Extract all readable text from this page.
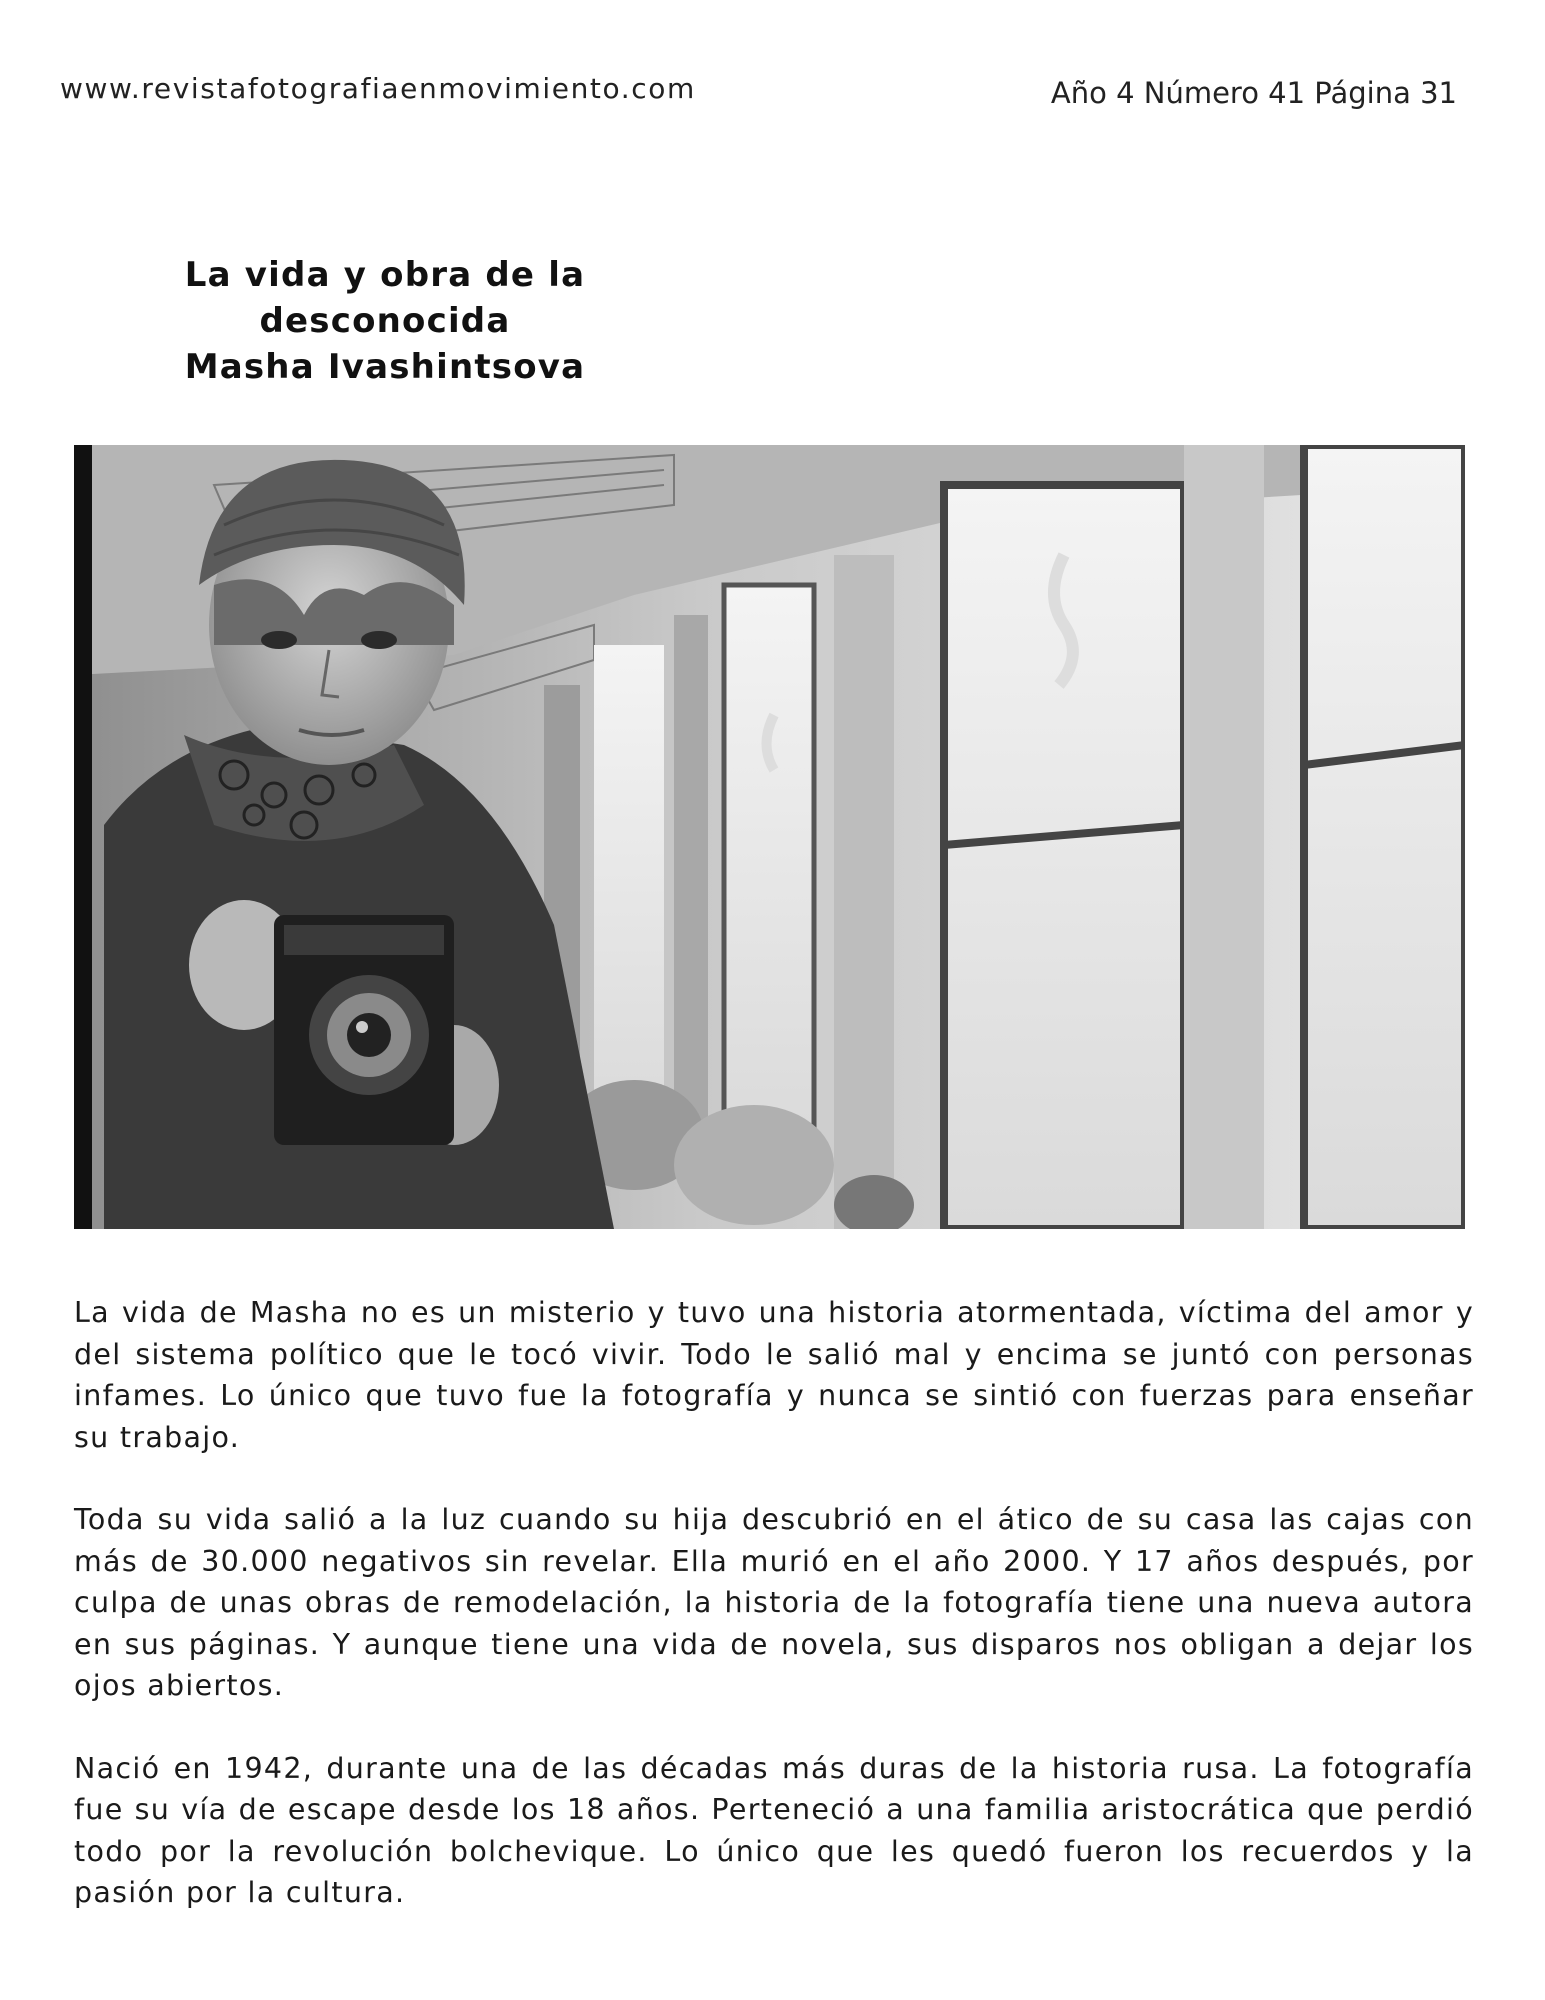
www.revistafotografiaenmovimiento.com	Año 4 Número 41 Página 31
La vida y obra de la desconocida
Masha Ivashintsova

La vida de Masha no es un misterio y tuvo una historia atormentada, víctima del amor y del sistema político que le tocó vivir. Todo le salió mal y encima se juntó con personas infames. Lo único que tuvo fue la fotografía y nunca se sintió con fuerzas para enseñar su trabajo.

Toda su vida salió a la luz cuando su hija descubrió en el ático de su casa las cajas con más de 30.000 negativos sin revelar. Ella murió en el año 2000. Y 17 años después, por culpa de unas obras de remodelación, la historia de la fotografía tiene una nueva autora en sus páginas. Y aunque tiene una vida de novela, sus disparos nos obligan a dejar los ojos abiertos.

Nació en 1942, durante una de las décadas más duras de la historia rusa. La fotografía fue su vía de escape desde los 18 años. Perteneció a una familia aristocrática que perdió todo por la revolución bolchevique. Lo único que les quedó fueron los recuerdos y la pasión por la cultura.
